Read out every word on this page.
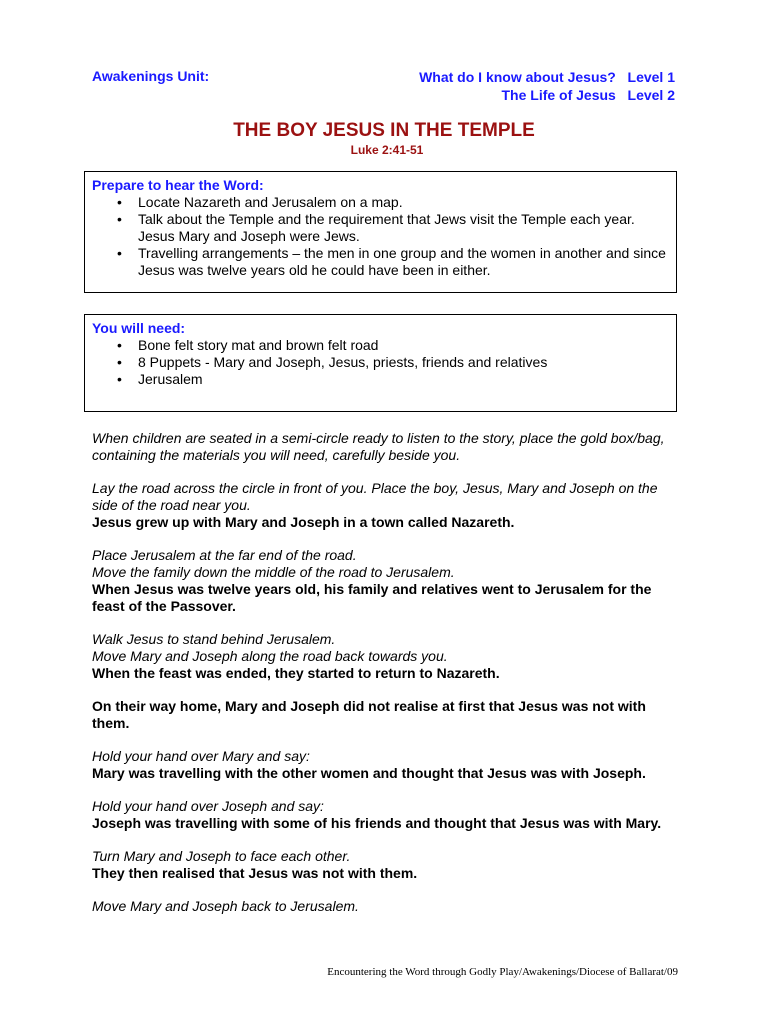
Awakenings Unit:	What do I know about Jesus?   Level 1
The Life of Jesus   Level 2
THE BOY JESUS IN THE TEMPLE
Luke 2:41-51
Prepare to hear the Word:
• Locate Nazareth and Jerusalem on a map.
• Talk about the Temple and the requirement that Jews visit the Temple each year. Jesus Mary and Joseph were Jews.
• Travelling arrangements – the men in one group and the women in another and since Jesus was twelve years old he could have been in either.
You will need:
• Bone felt story mat and brown felt road
• 8 Puppets - Mary and Joseph, Jesus, priests, friends and relatives
• Jerusalem

When children are seated in a semi-circle ready to listen to the story, place the gold box/bag, containing the materials you will need, carefully beside you.

Lay the road across the circle in front of you. Place the boy, Jesus, Mary and Joseph on the side of the road near you.
Jesus grew up with Mary and Joseph in a town called Nazareth.

Place Jerusalem at the far end of the road.
Move the family down the middle of the road to Jerusalem.
When Jesus was twelve years old, his family and relatives went to Jerusalem for the feast of the Passover.

Walk Jesus to stand behind Jerusalem.
Move Mary and Joseph along the road back towards you.
When the feast was ended, they started to return to Nazareth.

On their way home, Mary and Joseph did not realise at first that Jesus was not with them.

Hold your hand over Mary and say:
Mary was travelling with the other women and thought that Jesus was with Joseph.

Hold your hand over Joseph and say:
Joseph was travelling with some of his friends and thought that Jesus was with Mary.

Turn Mary and Joseph to face each other.
They then realised that Jesus was not with them.

Move Mary and Joseph back to Jerusalem.

Encountering the Word through Godly Play/Awakenings/Diocese of Ballarat/09
